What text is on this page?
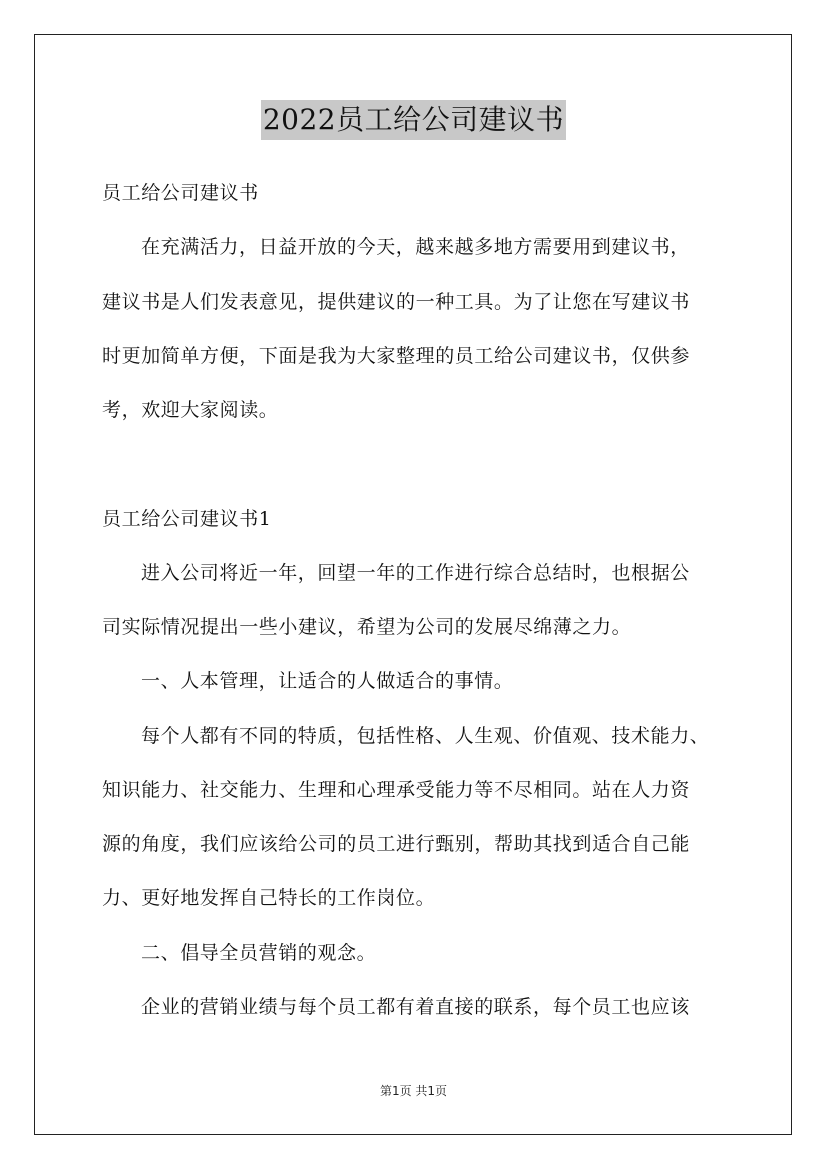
2022员工给公司建议书
员工给公司建议书
在充满活力，日益开放的今天，越来越多地方需要用到建议书，
建议书是人们发表意见，提供建议的一种工具。为了让您在写建议书
时更加简单方便，下面是我为大家整理的员工给公司建议书，仅供参
考，欢迎大家阅读。
员工给公司建议书1
进入公司将近一年，回望一年的工作进行综合总结时，也根据公
司实际情况提出一些小建议，希望为公司的发展尽绵薄之力。
一、人本管理，让适合的人做适合的事情。
每个人都有不同的特质，包括性格、人生观、价值观、技术能力、
知识能力、社交能力、生理和心理承受能力等不尽相同。站在人力资
源的角度，我们应该给公司的员工进行甄别，帮助其找到适合自己能
力、更好地发挥自己特长的工作岗位。
二、倡导全员营销的观念。
企业的营销业绩与每个员工都有着直接的联系，每个员工也应该
第1页 共1页
